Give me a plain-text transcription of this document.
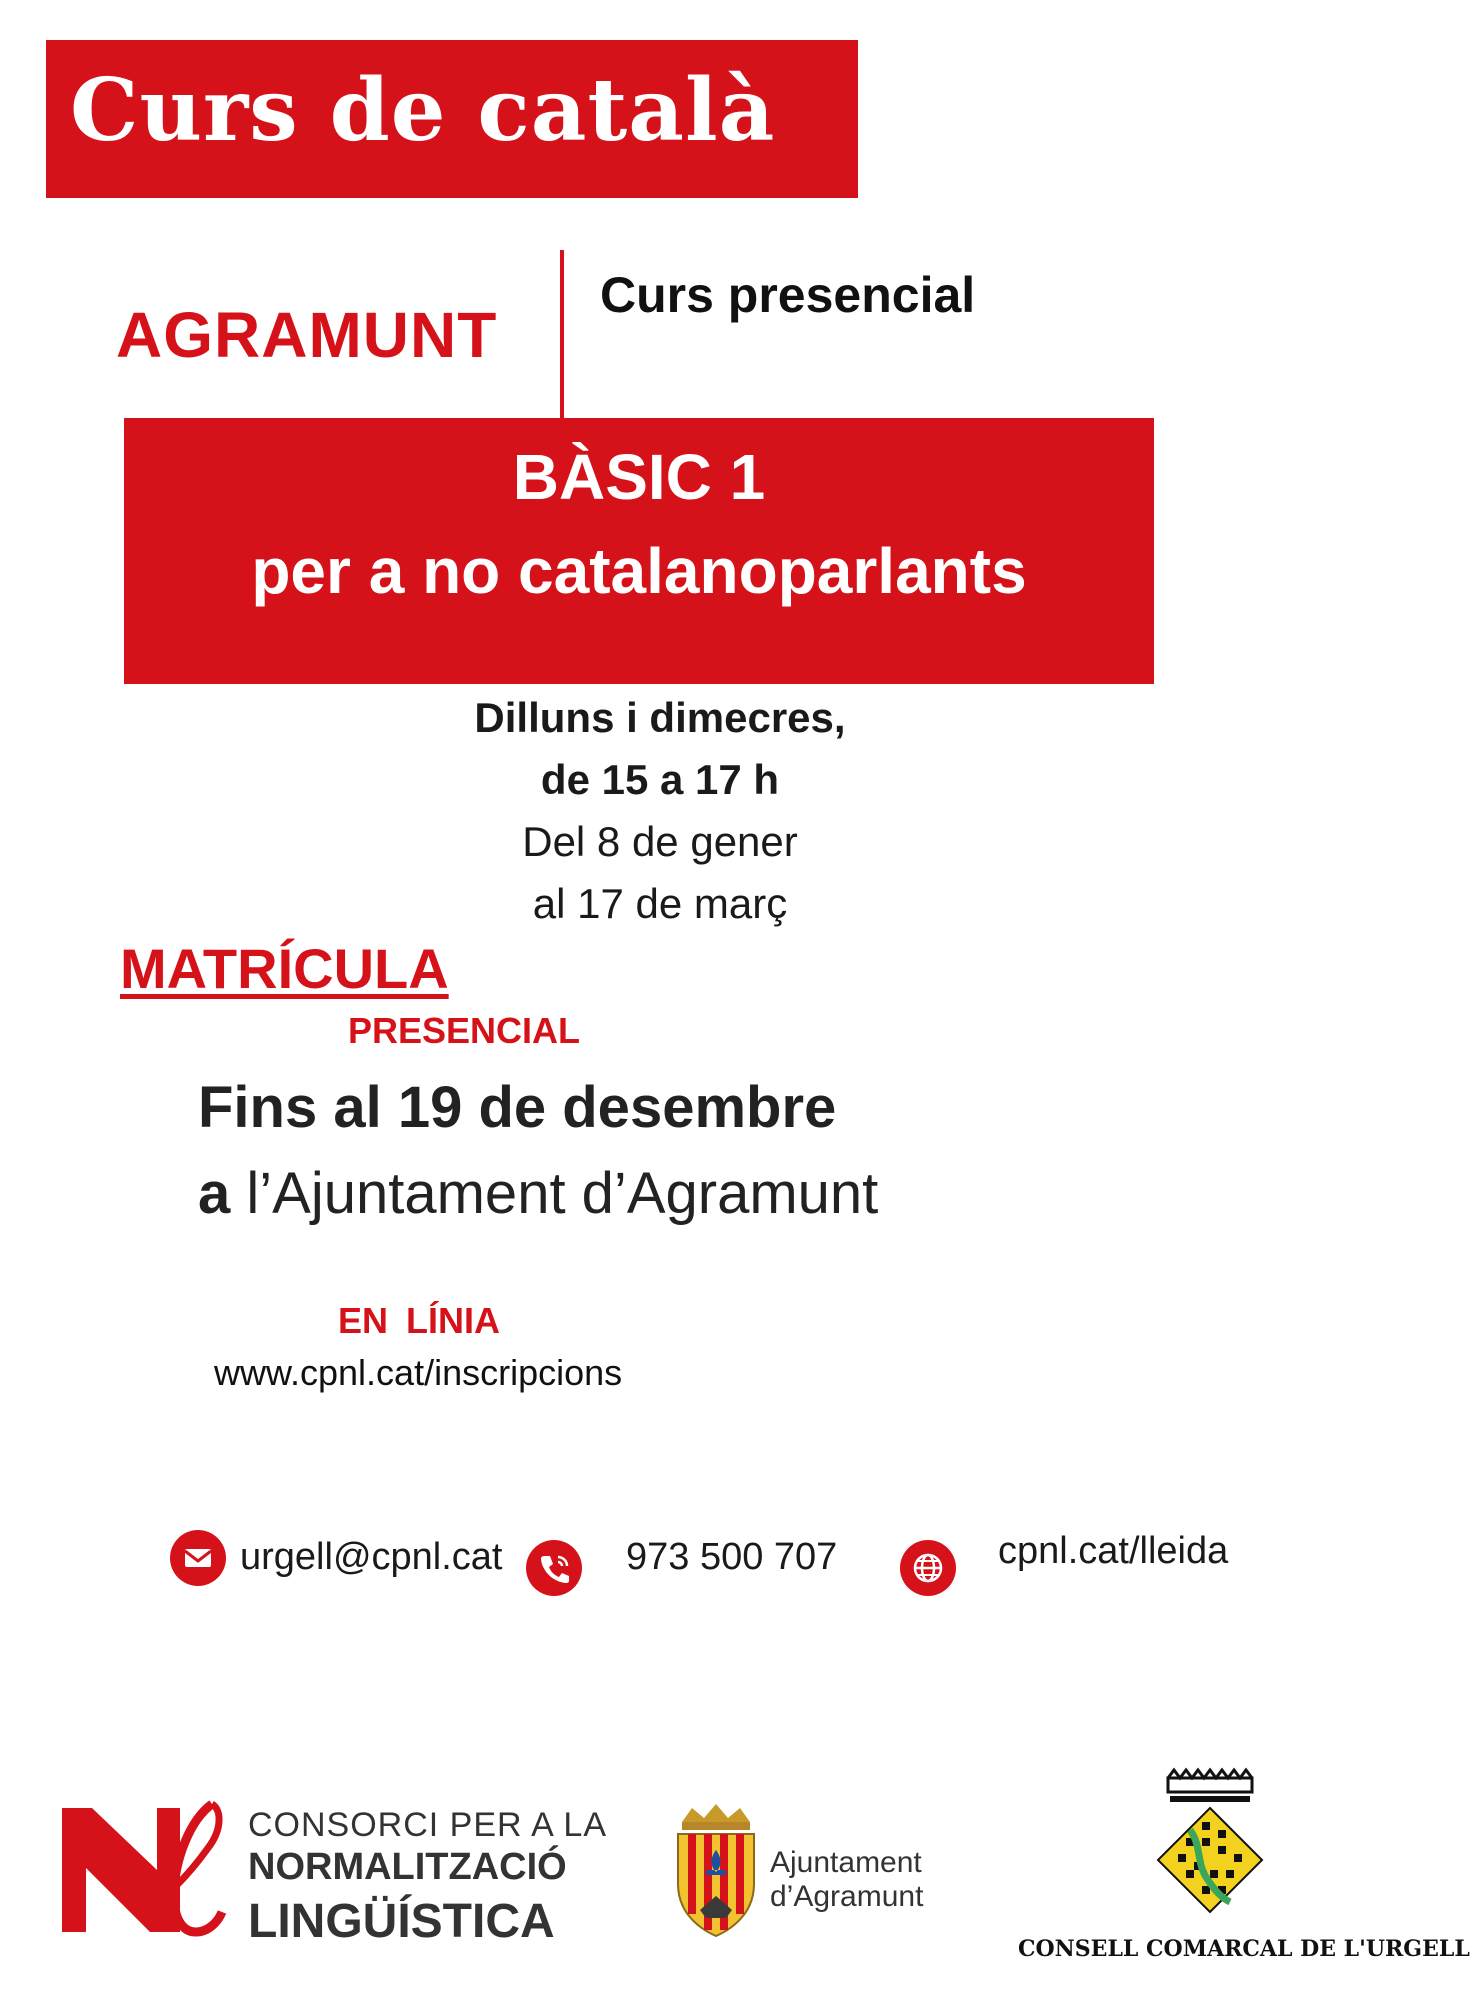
Curs de català
AGRAMUNT
Curs presencial
BÀSIC 1
per a no catalanoparlants
Dilluns i dimecres,
de 15 a 17 h
Del 8 de gener
al 17 de març
MATRÍCULA
PRESENCIAL
Fins al 19 de desembre
a l’Ajuntament d’Agramunt
EN LÍNIA
www.cpnl.cat/inscripcions
urgell@cpnl.cat	973 500 707	cpnl.cat/lleida
CONSORCI PER A LA
NORMALITZACIÓ
LINGÜÍSTICA
Ajuntament
d’Agramunt
CONSELL COMARCAL DE L'URGELL
